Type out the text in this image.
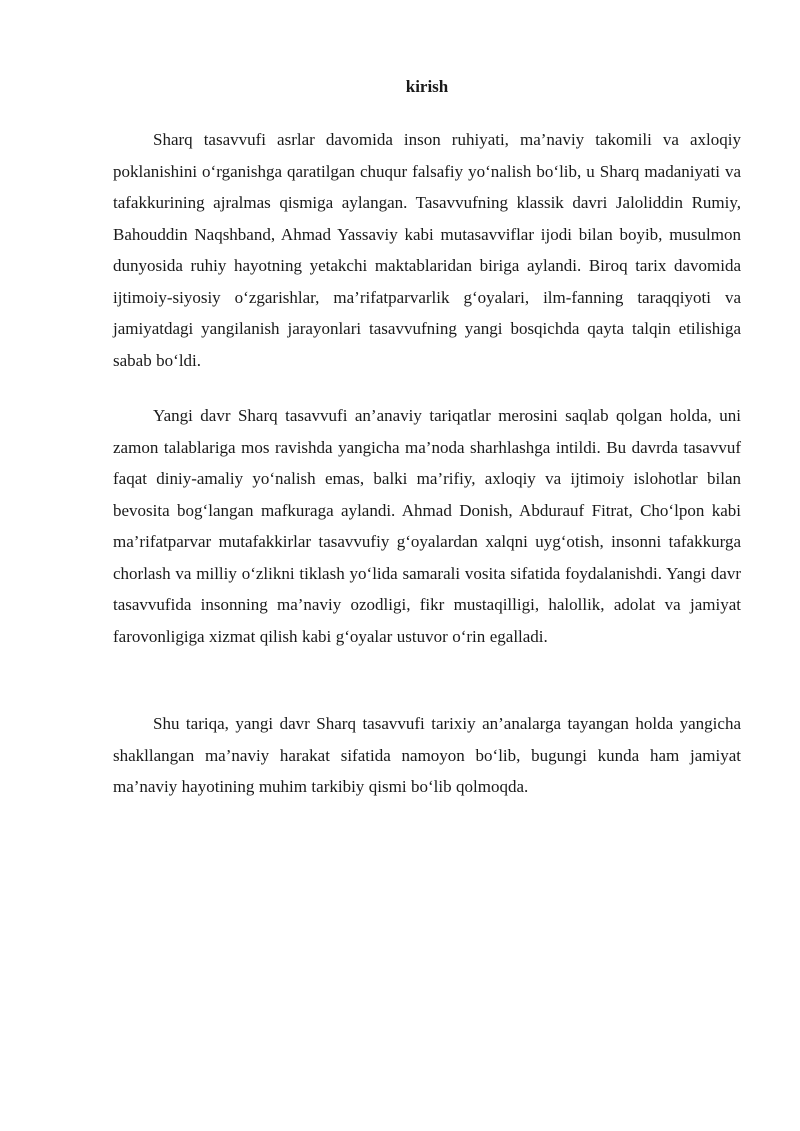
kirish

Sharq tasavvufi asrlar davomida inson ruhiyati, ma’naviy takomili va axloqiy poklanishini o‘rganishga qaratilgan chuqur falsafiy yo‘nalish bo‘lib, u Sharq madaniyati va tafakkurining ajralmas qismiga aylangan. Tasavvufning klassik davri Jaloliddin Rumiy, Bahouddin Naqshband, Ahmad Yassaviy kabi mutasavviflar ijodi bilan boyib, musulmon dunyosida ruhiy hayotning yetakchi maktablaridan biriga aylandi. Biroq tarix davomida ijtimoiy-siyosiy o‘zgarishlar, ma’rifatparvarlik g‘oyalari, ilm-fanning taraqqiyoti va jamiyatdagi yangilanish jarayonlari tasavvufning yangi bosqichda qayta talqin etilishiga sabab bo‘ldi.

Yangi davr Sharq tasavvufi an’anaviy tariqatlar merosini saqlab qolgan holda, uni zamon talablariga mos ravishda yangicha ma’noda sharhlashga intildi. Bu davrda tasavvuf faqat diniy-amaliy yo‘nalish emas, balki ma’rifiy, axloqiy va ijtimoiy islohotlar bilan bevosita bog‘langan mafkuraga aylandi. Ahmad Donish, Abdurauf Fitrat, Cho‘lpon kabi ma’rifatparvar mutafakkirlar tasavvufiy g‘oyalardan xalqni uyg‘otish, insonni tafakkurga chorlash va milliy o‘zlikni tiklash yo‘lida samarali vosita sifatida foydalanishdi. Yangi davr tasavvufida insonning ma’naviy ozodligi, fikr mustaqilligi, halollik, adolat va jamiyat farovonligiga xizmat qilish kabi g‘oyalar ustuvor o‘rin egalladi.

Shu tariqa, yangi davr Sharq tasavvufi tarixiy an’analarga tayangan holda yangicha shakllangan ma’naviy harakat sifatida namoyon bo‘lib, bugungi kunda ham jamiyat ma’naviy hayotining muhim tarkibiy qismi bo‘lib qolmoqda.
